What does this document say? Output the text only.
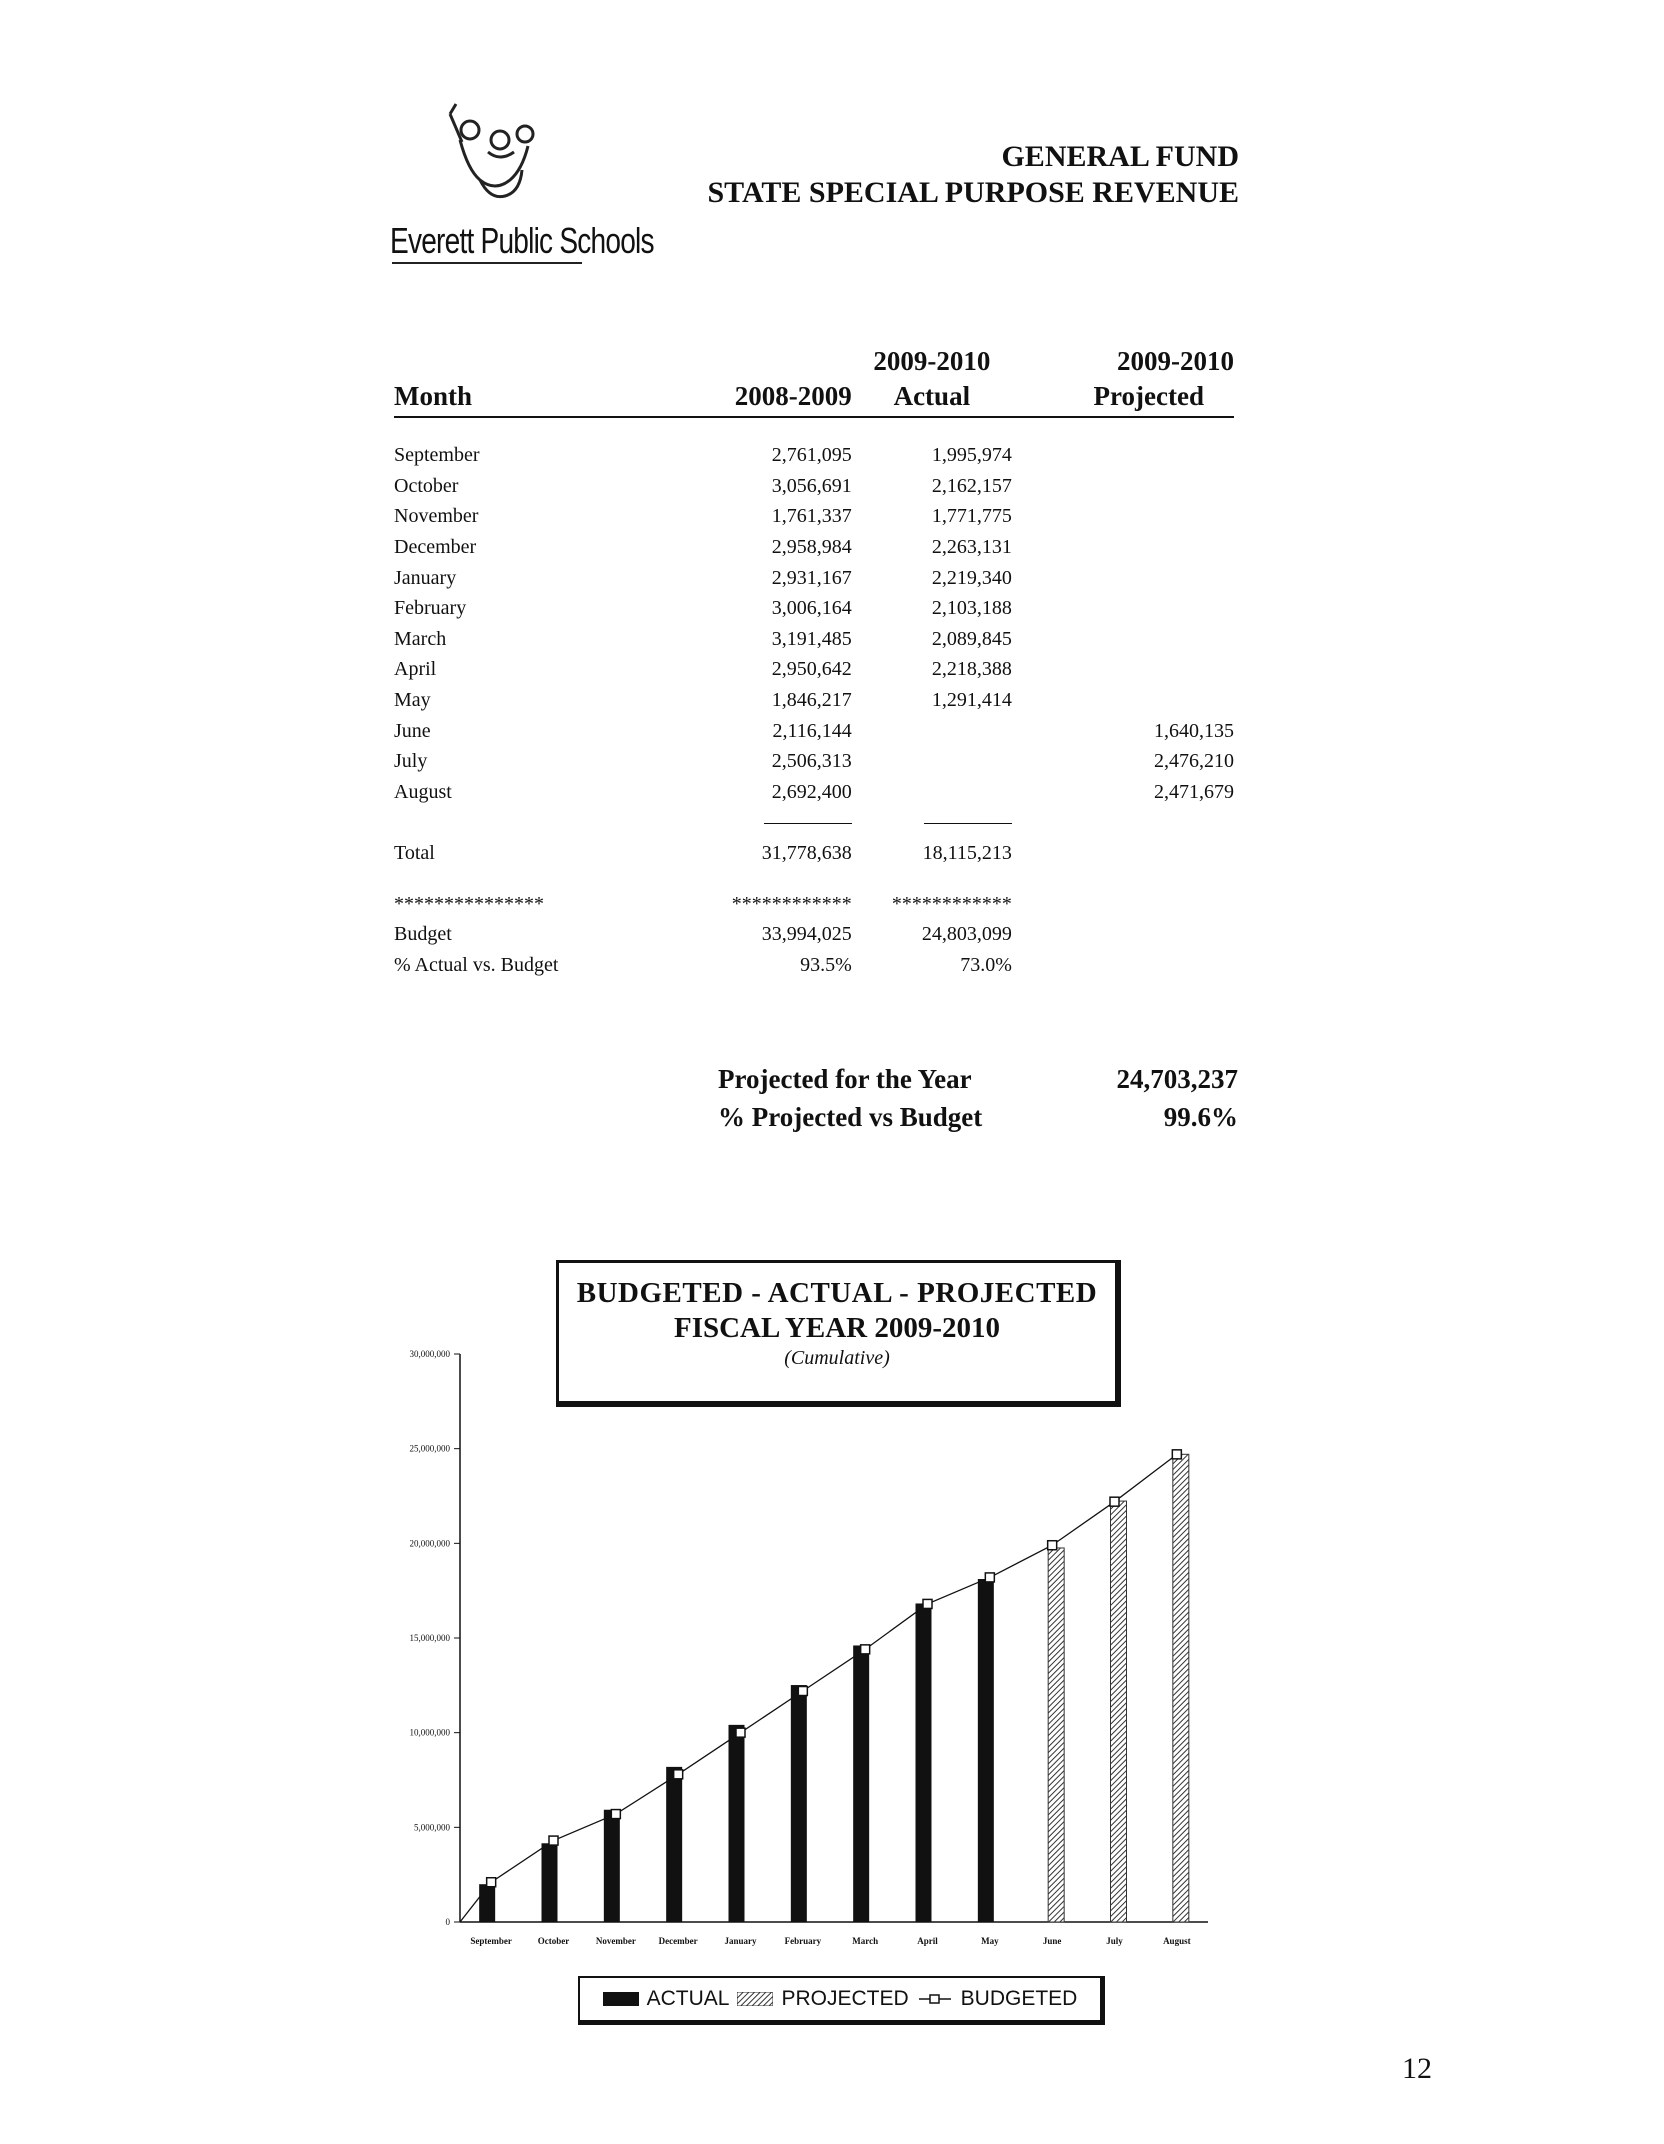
Everett Public Schools
GENERAL FUND
STATE SPECIAL PURPOSE REVENUE
		2009-2010	2009-2010
Month	2008-2009	Actual	Projected

September	2,761,095	1,995,974	
October	3,056,691	2,162,157	
November	1,761,337	1,771,775	
December	2,958,984	2,263,131	
January	2,931,167	2,219,340	
February	3,006,164	2,103,188	
March	3,191,485	2,089,845	
April	2,950,642	2,218,388	
May	1,846,217	1,291,414	
June	2,116,144		1,640,135
July	2,506,313		2,476,210
August	2,692,400		2,471,679

Total	31,778,638	18,115,213	

***************	************	************	
Budget	33,994,025	24,803,099	
% Actual vs. Budget	93.5%	73.0%	
Projected for the Year	24,703,237
% Projected vs Budget	99.6%
0
5,000,000
10,000,000
15,000,000
20,000,000
25,000,000
30,000,000
September	October	November	December	January	February	March	April	May	June	July	August
BUDGETED - ACTUAL - PROJECTED
FISCAL YEAR 2009-2010
(Cumulative)
ACTUAL PROJECTED BUDGETED
12
